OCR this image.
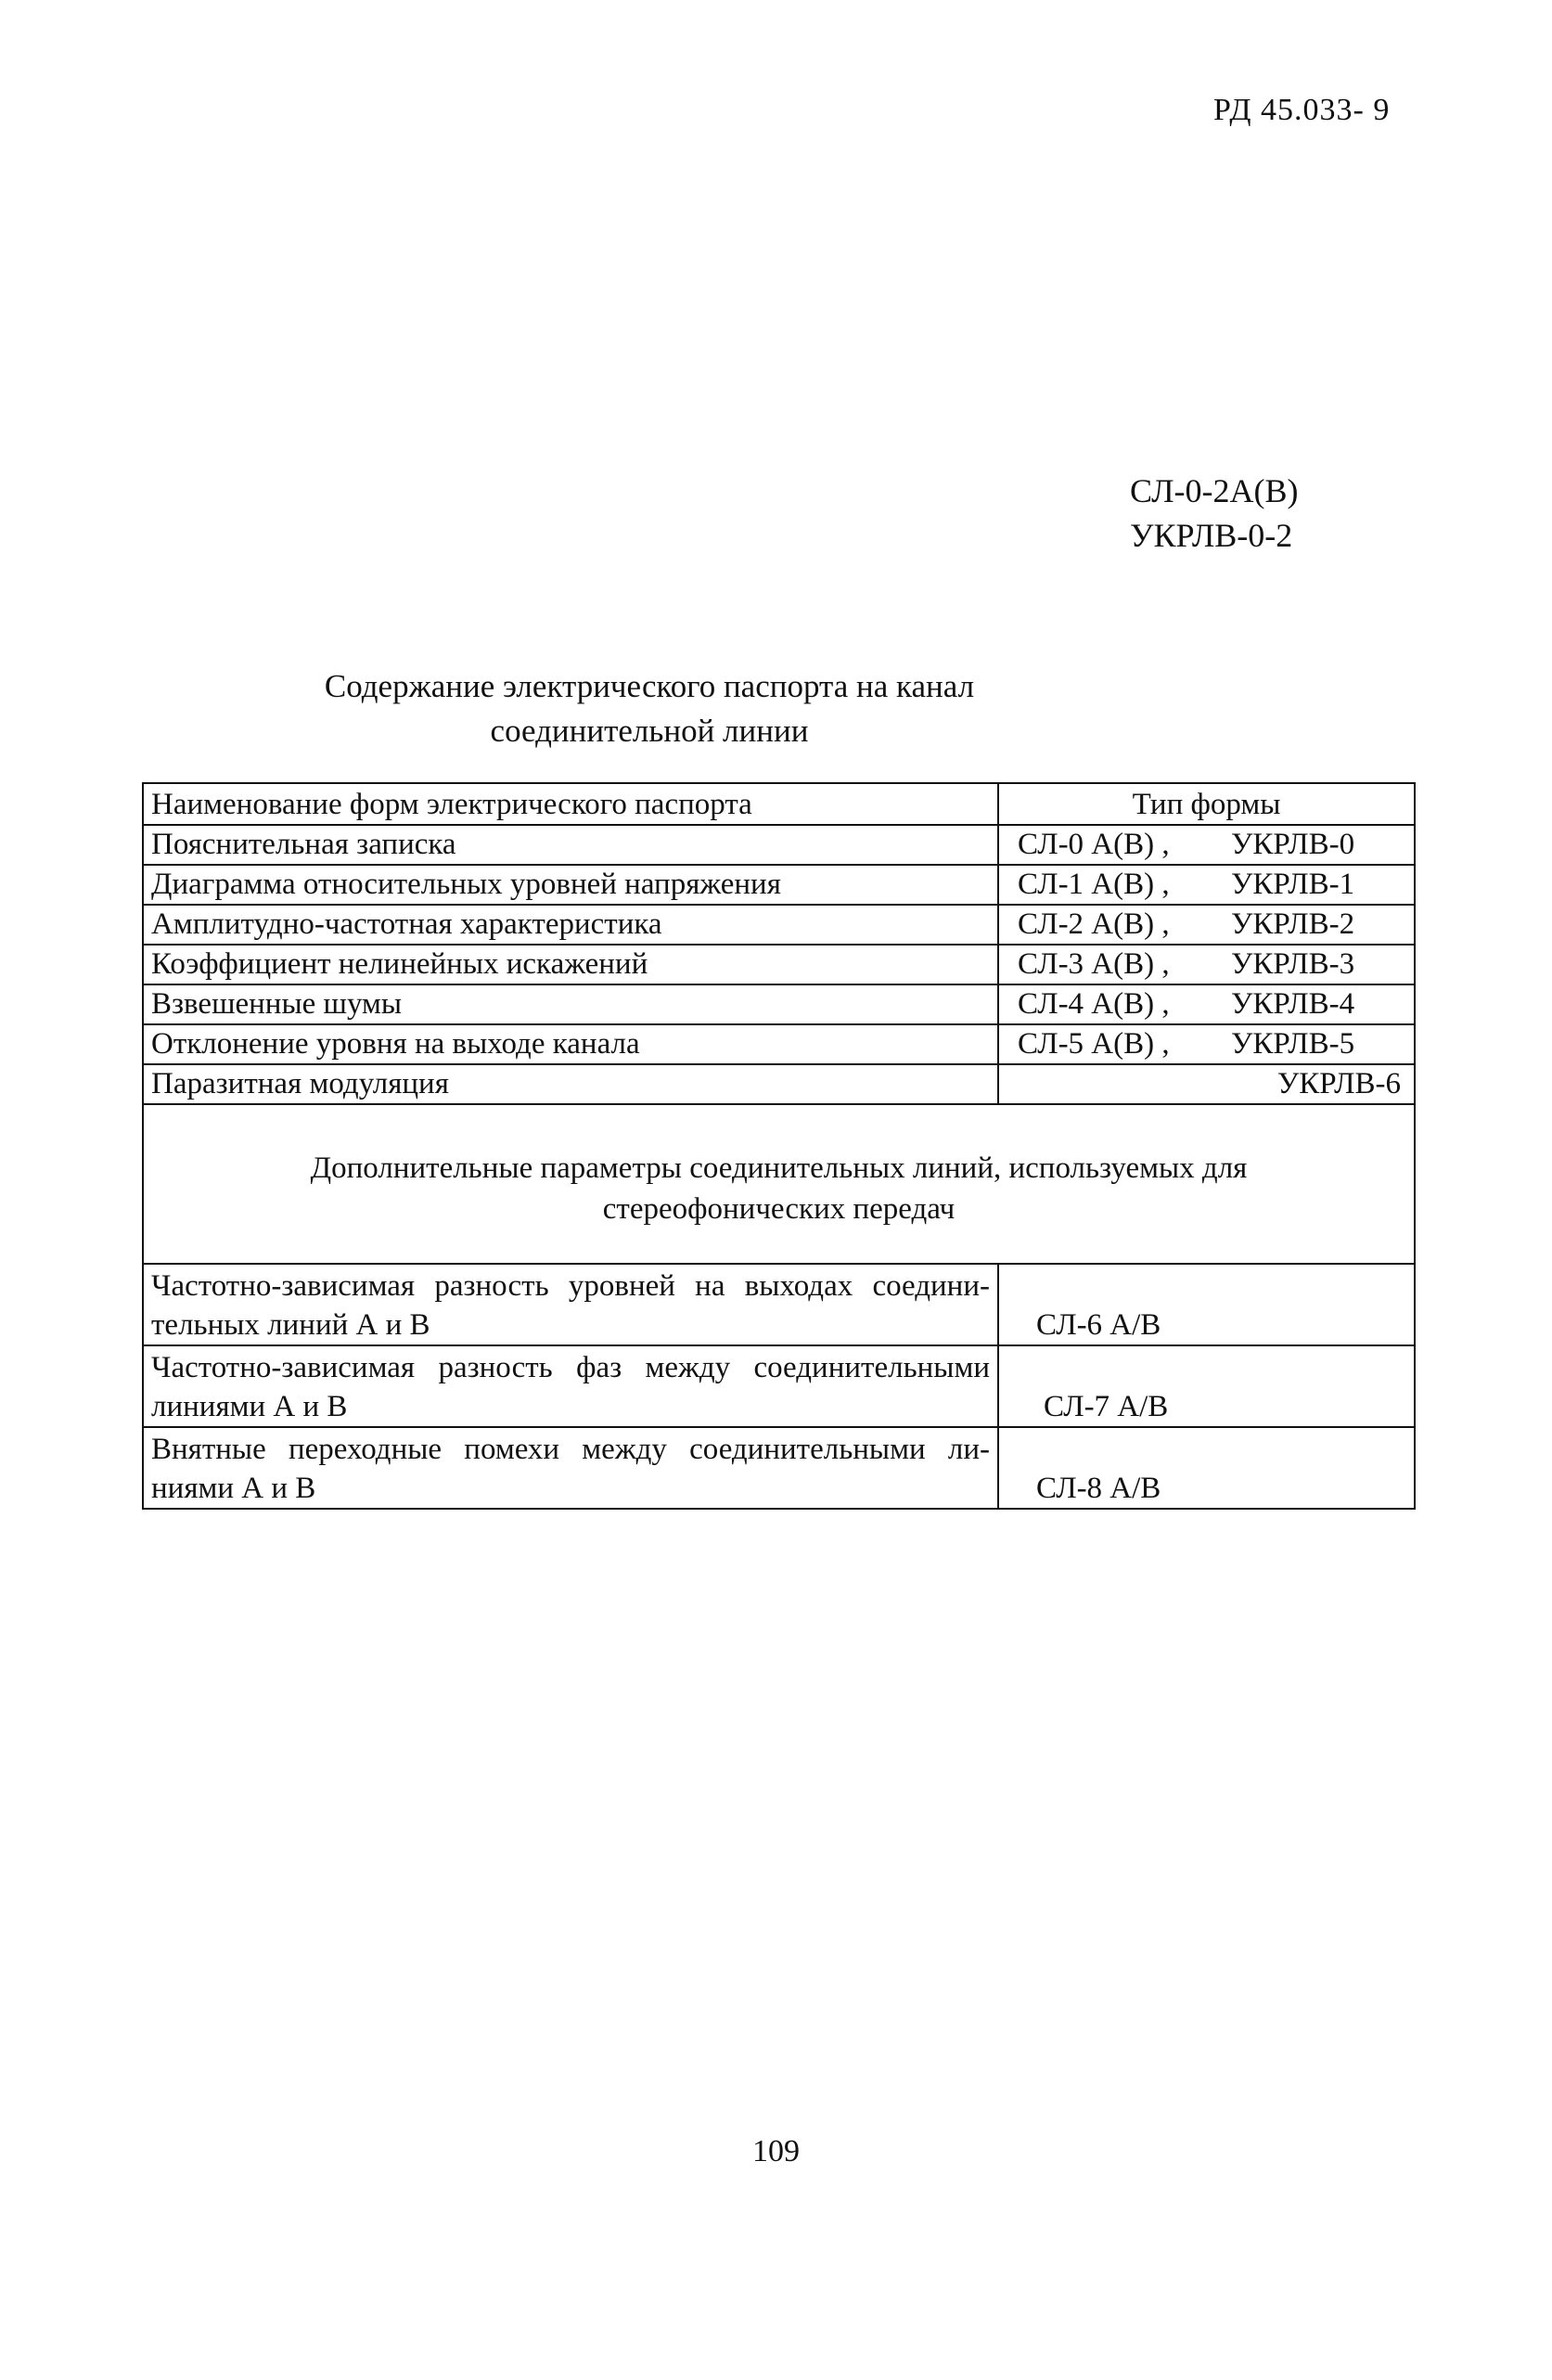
РД 45.033- 9
СЛ-0-2А(В)
УКРЛВ-0-2
Содержание электрического паспорта на канал
соединительной линии
Наименование форм электрического паспорта	Тип формы
Пояснительная записка	СЛ-0 А(В) ,	УКРЛВ-0
Диаграмма относительных уровней напряжения	СЛ-1 А(В) ,	УКРЛВ-1
Амплитудно-частотная характеристика	СЛ-2 А(В) ,	УКРЛВ-2
Коэффициент нелинейных искажений	СЛ-3 А(В) ,	УКРЛВ-3
Взвешенные шумы	СЛ-4 А(В) ,	УКРЛВ-4
Отклонение уровня на выходе канала	СЛ-5 А(В) ,	УКРЛВ-5
Паразитная модуляция	УКРЛВ-6
Дополнительные параметры соединительных линий, используемых для
стереофонических передач
Частотно-зависимая разность уровней на выходах соедини-тельных линий А и В	СЛ-6 А/В
Частотно-зависимая разность фаз между соединительными линиями А и В	СЛ-7 А/В
Внятные переходные помехи между соединительными ли-ниями А и В	СЛ-8 А/В
109
